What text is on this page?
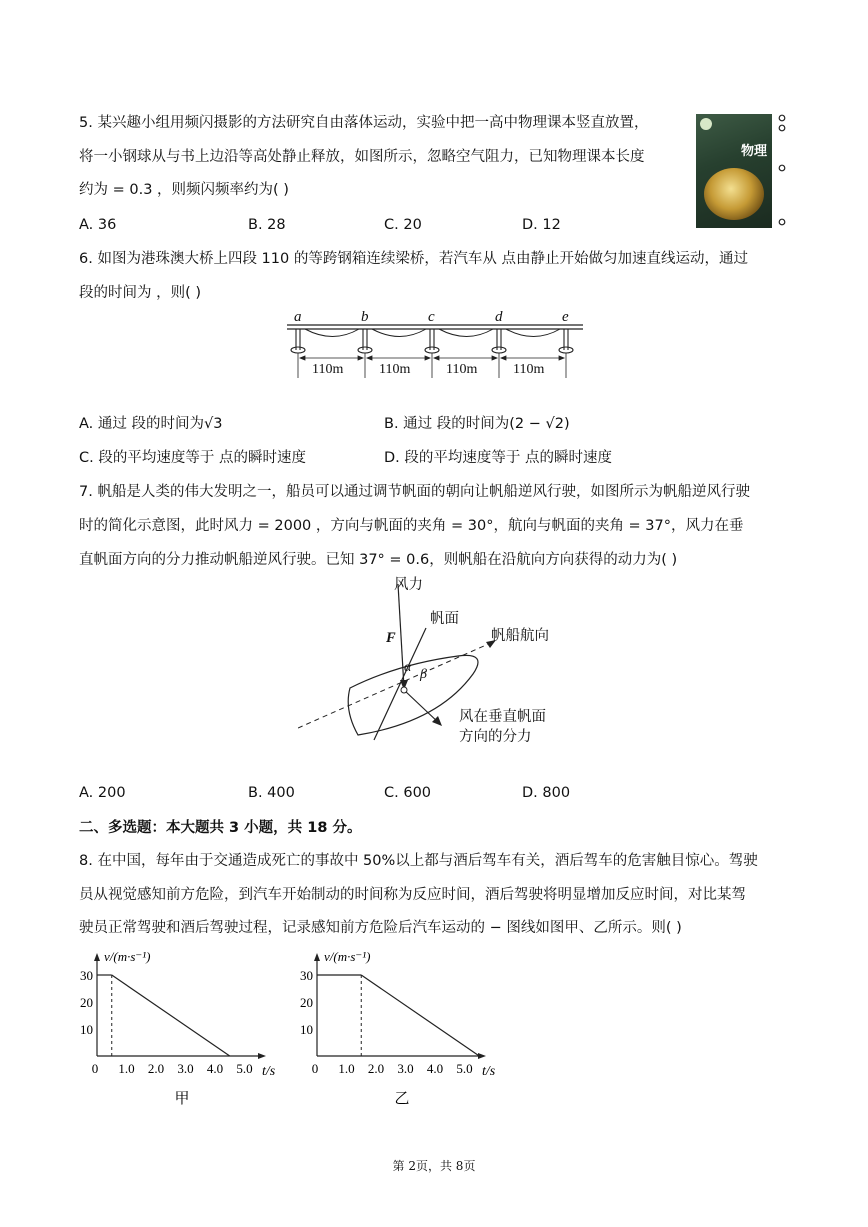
5. 某兴趣小组用频闪摄影的方法研究自由落体运动，实验中把一高中物理课本竖直放置，
将一小钢球从与书上边沿等高处静止释放，如图所示，忽略空气阻力，已知物理课本长度
约为 = 0.3 ，则频闪频率约为( )
物理
A. 36	B. 28	C. 20	D. 12
6. 如图为港珠澳大桥上四段 110 的等跨钢箱连续梁桥，若汽车从 点由静止开始做匀加速直线运动，通过
段的时间为 ，则( )
a	b	c	d	e
110m	110m	110m	110m
A. 通过 段的时间为√3	B. 通过 段的时间为(2 − √2)
C. 段的平均速度等于 点的瞬时速度	D. 段的平均速度等于 点的瞬时速度
7. 帆船是人类的伟大发明之一，船员可以通过调节帆面的朝向让帆船逆风行驶，如图所示为帆船逆风行驶
时的简化示意图，此时风力 = 2000 ，方向与帆面的夹角 = 30°，航向与帆面的夹角 = 37°，风力在垂
直帆面方向的分力推动帆船逆风行驶。已知 37° = 0.6，则帆船在沿航向方向获得的动力为( )
风力
F
帆面
帆船航向
α β
风在垂直帆面
方向的分力
A. 200	B. 400	C. 600	D. 800
二、多选题：本大题共 3 小题，共 18 分。
8. 在中国，每年由于交通造成死亡的事故中 50%以上都与酒后驾车有关，酒后驾车的危害触目惊心。驾驶
员从视觉感知前方危险，到汽车开始制动的时间称为反应时间，酒后驾驶将明显增加反应时间，对比某驾
驶员正常驾驶和酒后驾驶过程，记录感知前方危险后汽车运动的 − 图线如图甲、乙所示。则( )
v/(m·s⁻¹)
t/s
10
20
30
0 1.0 2.0 3.0 4.0 5.0
甲
v/(m·s⁻¹)
t/s
10
20
30
0 1.0 2.0 3.0 4.0 5.0
乙
第 2页，共 8页
